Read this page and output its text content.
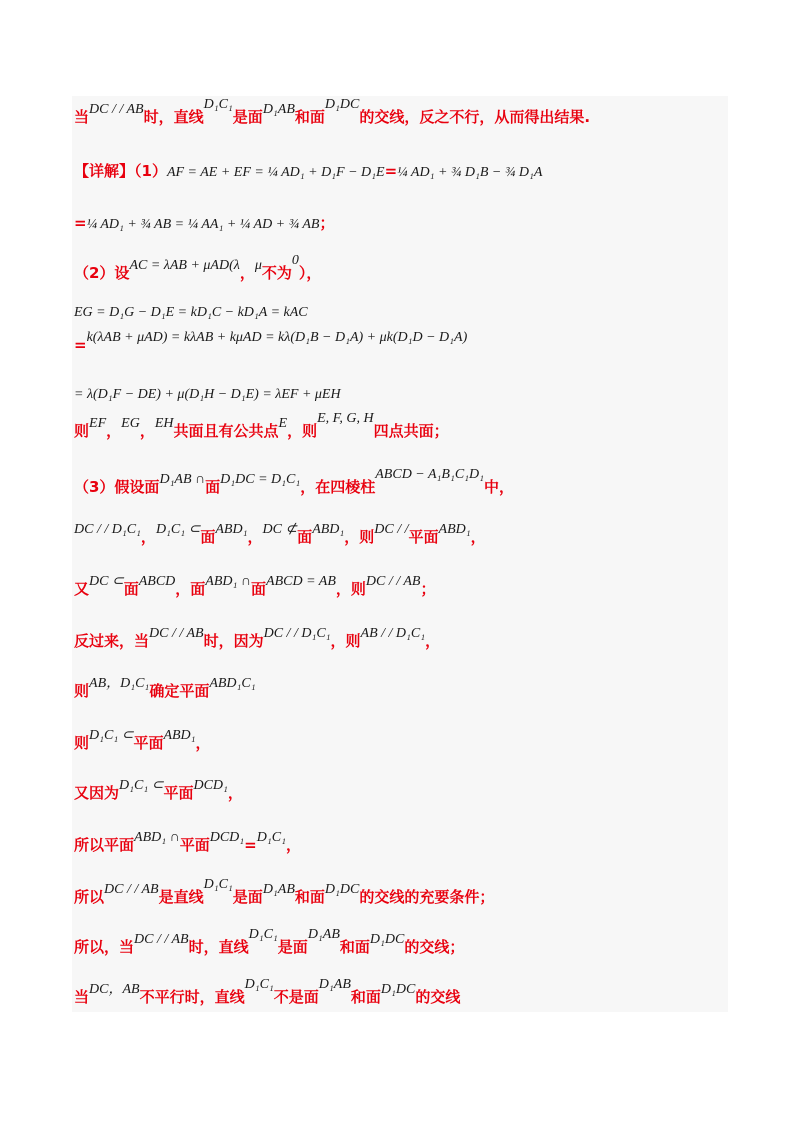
当DC / / AB时，直线D₁C₁是面D₁AB和面D₁DC的交线，反之不行，从而得出结果.
【详解】（1）AF = AE + EF = ¼ AD₁ + D₁F − D₁E=¼ AD₁ + ¾ D₁B − ¾ D₁A
=¼ AD₁ + ¾ AB = ¼ AA₁ + ¼ AD + ¾ AB；
（2）设AC = λAB + μAD(λ，μ不为0），
EG = D₁G − D₁E = kD₁C − kD₁A = kAC
=k(λAB + μAD) = kλAB + kμAD = kλ(D₁B − D₁A) + μk(D₁D − D₁A)
= λ(D₁F − DE) + μ(D₁H − D₁E) = λEF + μEH
则EF，EG，EH共面且有公共点E，则E, F, G, H四点共面；
（3）假设面D₁AB ∩面D₁DC = D₁C₁，在四棱柱ABCD − A₁B₁C₁D₁中，
DC / / D₁C₁，D₁C₁ ⊂面ABD₁，DC ⊄面ABD₁，则DC / /平面ABD₁，
又DC ⊂面ABCD，面ABD₁ ∩面ABCD = AB，则DC / / AB；
反过来，当DC / / AB时，因为DC / / D₁C₁，则AB / / D₁C₁，
则AB，D₁C₁确定平面ABD₁C₁
则D₁C₁ ⊂平面ABD₁，
又因为D₁C₁ ⊂平面DCD₁，
所以平面ABD₁ ∩平面DCD₁=D₁C₁，
所以DC / / AB是直线D₁C₁是面D₁AB和面D₁DC的交线的充要条件；
所以，当DC / / AB时，直线D₁C₁是面D₁AB和面D₁DC的交线；
当DC，AB不平行时，直线D₁C₁不是面D₁AB和面D₁DC的交线
